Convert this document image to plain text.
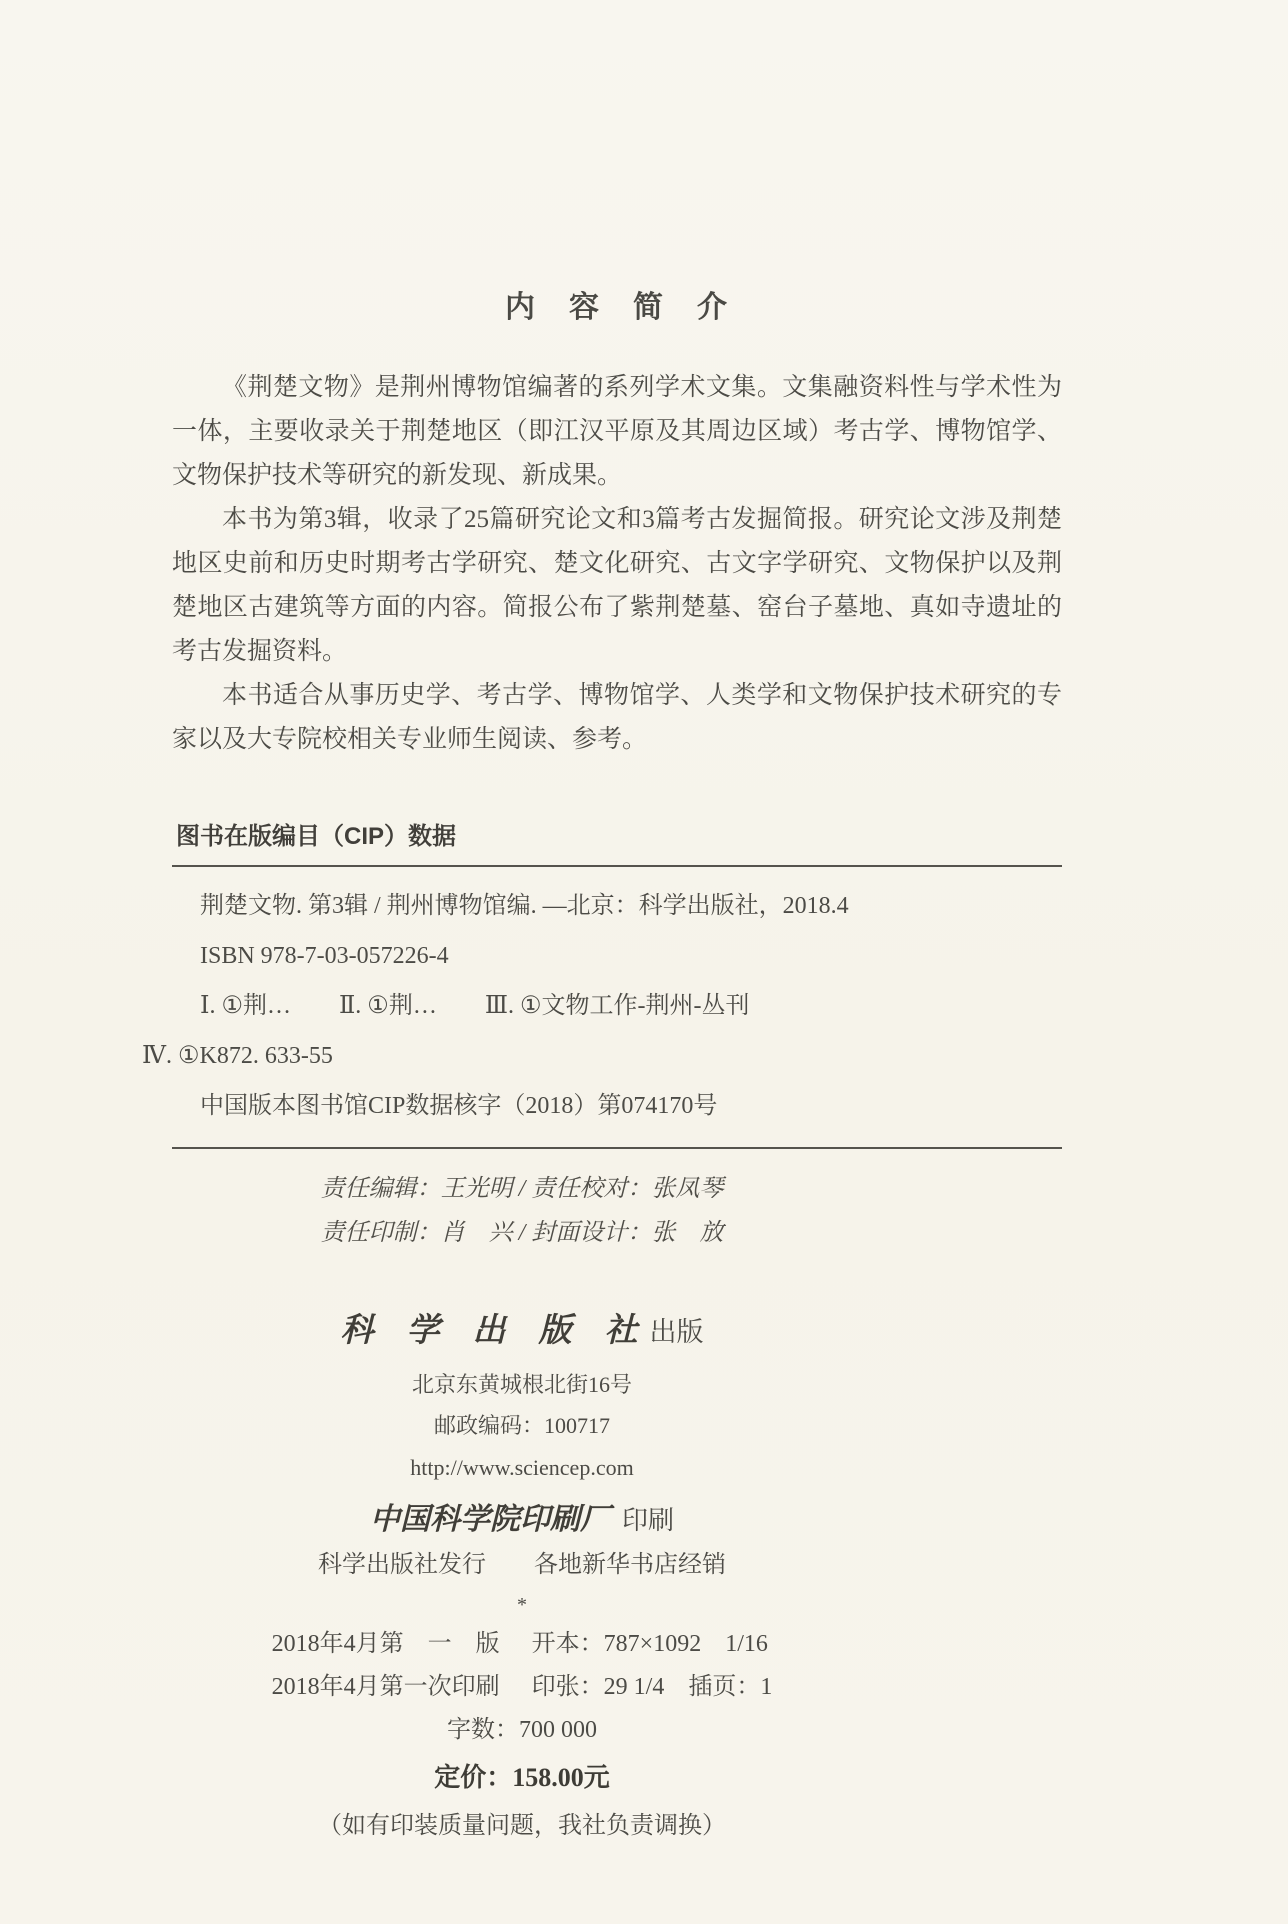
内　容　简　介

《荆楚文物》是荆州博物馆编著的系列学术文集。文集融资料性与学术性为一体，主要收录关于荆楚地区（即江汉平原及其周边区域）考古学、博物馆学、文物保护技术等研究的新发现、新成果。

本书为第3辑，收录了25篇研究论文和3篇考古发掘简报。研究论文涉及荆楚地区史前和历史时期考古学研究、楚文化研究、古文字学研究、文物保护以及荆楚地区古建筑等方面的内容。简报公布了紫荆楚墓、窑台子墓地、真如寺遗址的考古发掘资料。

本书适合从事历史学、考古学、博物馆学、人类学和文物保护技术研究的专家以及大专院校相关专业师生阅读、参考。

图书在版编目（CIP）数据
荆楚文物. 第3辑 / 荆州博物馆编. —北京：科学出版社，2018.4
ISBN 978-7-03-057226-4
Ⅰ. ①荆…　　Ⅱ. ①荆…　　Ⅲ. ①文物工作-荆州-丛刊
Ⅳ. ①K872. 633-55
中国版本图书馆CIP数据核字（2018）第074170号
责任编辑：王光明 / 责任校对：张凤琴
责任印制：肖　兴 / 封面设计：张　放
科　学　出　版　社 出版
北京东黄城根北街16号
邮政编码：100717
http://www.sciencep.com
中国科学院印刷厂 印刷
科学出版社发行　　各地新华书店经销
*
2018年4月第　一　版 开本：787×1092　1/16
2018年4月第一次印刷 印张：29 1/4　插页：1
字数：700 000
定价：158.00元
（如有印装质量问题，我社负责调换）
